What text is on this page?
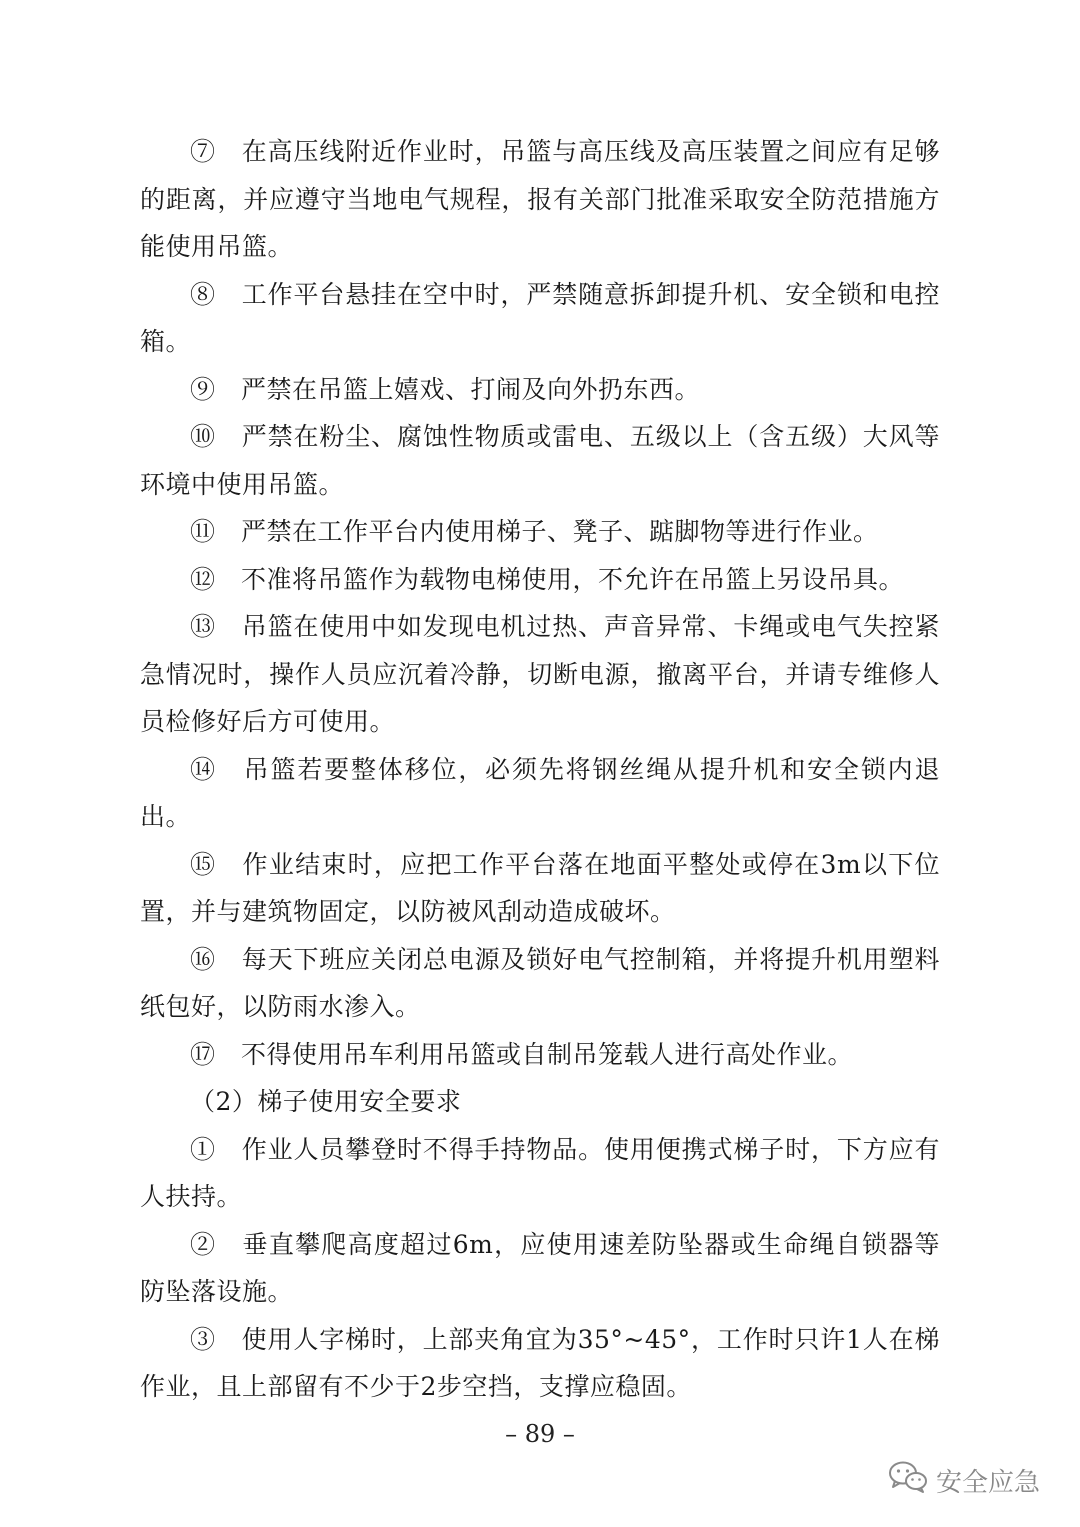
⑦　在高压线附近作业时，吊篮与高压线及高压装置之间应有足够的距离，并应遵守当地电气规程，报有关部门批准采取安全防范措施方能使用吊篮。

⑧　工作平台悬挂在空中时，严禁随意拆卸提升机、安全锁和电控箱。

⑨　严禁在吊篮上嬉戏、打闹及向外扔东西。

⑩　严禁在粉尘、腐蚀性物质或雷电、五级以上（含五级）大风等环境中使用吊篮。

⑪　严禁在工作平台内使用梯子、凳子、踮脚物等进行作业。

⑫　不准将吊篮作为载物电梯使用，不允许在吊篮上另设吊具。

⑬　吊篮在使用中如发现电机过热、声音异常、卡绳或电气失控紧急情况时，操作人员应沉着冷静，切断电源，撤离平台，并请专维修人员检修好后方可使用。

⑭　吊篮若要整体移位，必须先将钢丝绳从提升机和安全锁内退出。

⑮　作业结束时，应把工作平台落在地面平整处或停在3m以下位置，并与建筑物固定，以防被风刮动造成破坏。

⑯　每天下班应关闭总电源及锁好电气控制箱，并将提升机用塑料纸包好，以防雨水渗入。

⑰　不得使用吊车利用吊篮或自制吊笼载人进行高处作业。

（2）梯子使用安全要求

①　作业人员攀登时不得手持物品。使用便携式梯子时，下方应有人扶持。

②　垂直攀爬高度超过6m，应使用速差防坠器或生命绳自锁器等防坠落设施。

③　使用人字梯时，上部夹角宜为35°~45°，工作时只许1人在梯作业，且上部留有不少于2步空挡，支撑应稳固。

– 89 –
安全应急
